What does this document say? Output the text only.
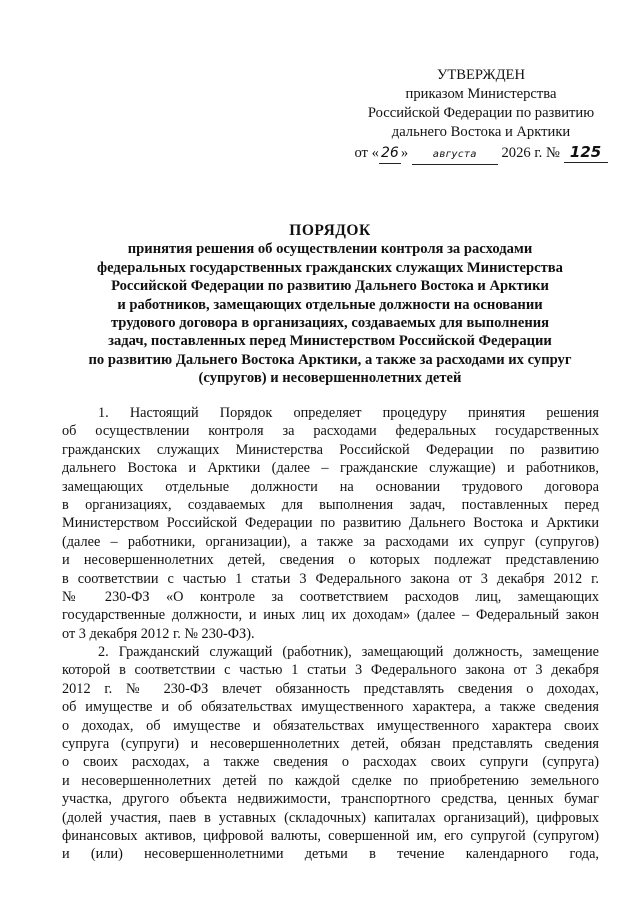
УТВЕРЖДЕН
приказом Министерства
Российской Федерации по развитию
дальнего Востока и Арктики
от « 26 » августа 2026 г. № 125
ПОРЯДОК
принятия решения об осуществлении контроля за расходами
федеральных государственных гражданских служащих Министерства
Российской Федерации по развитию Дальнего Востока и Арктики
и работников, замещающих отдельные должности на основании
трудового договора в организациях, создаваемых для выполнения
задач, поставленных перед Министерством Российской Федерации
по развитию Дальнего Востока Арктики, а также за расходами их супруг
(супругов) и несовершеннолетних детей
1. Настоящий Порядок определяет процедуру принятия решения
об осуществлении контроля за расходами федеральных государственных
гражданских служащих Министерства Российской Федерации по развитию
дальнего Востока и Арктики (далее – гражданские служащие) и работников,
замещающих отдельные должности на основании трудового договора
в организациях, создаваемых для выполнения задач, поставленных перед
Министерством Российской Федерации по развитию Дальнего Востока и Арктики
(далее – работники, организации), а также за расходами их супруг (супругов)
и несовершеннолетних детей, сведения о которых подлежат представлению
в соответствии с частью 1 статьи 3 Федерального закона от 3 декабря 2012 г.
№ 230-ФЗ «О контроле за соответствием расходов лиц, замещающих
государственные должности, и иных лиц их доходам» (далее – Федеральный закон
от 3 декабря 2012 г. № 230-ФЗ).
2. Гражданский служащий (работник), замещающий должность, замещение
которой в соответствии с частью 1 статьи 3 Федерального закона от 3 декабря
2012 г. № 230-ФЗ влечет обязанность представлять сведения о доходах,
об имуществе и об обязательствах имущественного характера, а также сведения
о доходах, об имуществе и обязательствах имущественного характера своих
супруга (супруги) и несовершеннолетних детей, обязан представлять сведения
о своих расходах, а также сведения о расходах своих супруги (супруга)
и несовершеннолетних детей по каждой сделке по приобретению земельного
участка, другого объекта недвижимости, транспортного средства, ценных бумаг
(долей участия, паев в уставных (складочных) капиталах организаций), цифровых
финансовых активов, цифровой валюты, совершенной им, его супругой (супругом)
и (или) несовершеннолетними детьми в течение календарного года,
